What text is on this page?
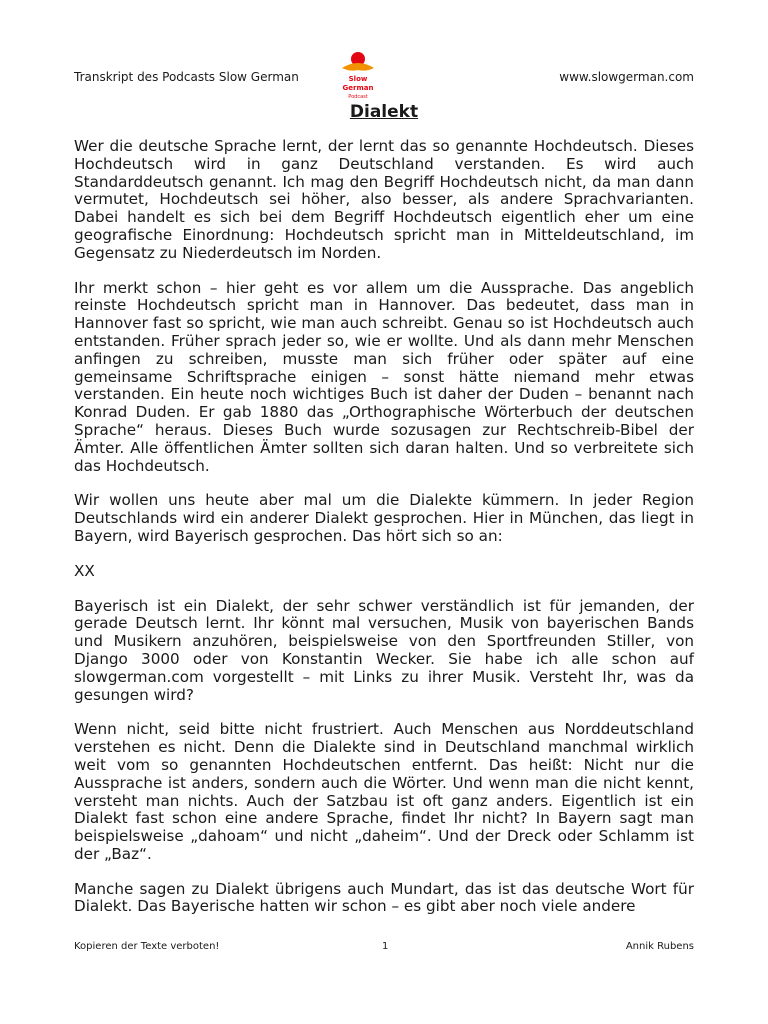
Transkript des Podcasts Slow German	Slow
German
Podcast
www.slowgerman.com
Dialekt

Wer die deutsche Sprache lernt, der lernt das so genannte Hochdeutsch. Dieses Hochdeutsch wird in ganz Deutschland verstanden. Es wird auch Standarddeutsch genannt. Ich mag den Begriff Hochdeutsch nicht, da man dann vermutet, Hochdeutsch sei höher, also besser, als andere Sprachvarianten. Dabei handelt es sich bei dem Begriff Hochdeutsch eigentlich eher um eine geografische Einordnung: Hochdeutsch spricht man in Mitteldeutschland, im Gegensatz zu Niederdeutsch im Norden.

Ihr merkt schon – hier geht es vor allem um die Aussprache. Das angeblich reinste Hochdeutsch spricht man in Hannover. Das bedeutet, dass man in Hannover fast so spricht, wie man auch schreibt. Genau so ist Hochdeutsch auch entstanden. Früher sprach jeder so, wie er wollte. Und als dann mehr Menschen anfingen zu schreiben, musste man sich früher oder später auf eine gemeinsame Schriftsprache einigen – sonst hätte niemand mehr etwas verstanden. Ein heute noch wichtiges Buch ist daher der Duden – benannt nach Konrad Duden. Er gab 1880 das „Orthographische Wörterbuch der deutschen Sprache“ heraus. Dieses Buch wurde sozusagen zur Rechtschreib-Bibel der Ämter. Alle öffentlichen Ämter sollten sich daran halten. Und so verbreitete sich das Hochdeutsch.

Wir wollen uns heute aber mal um die Dialekte kümmern. In jeder Region Deutschlands wird ein anderer Dialekt gesprochen. Hier in München, das liegt in Bayern, wird Bayerisch gesprochen. Das hört sich so an:

XX

Bayerisch ist ein Dialekt, der sehr schwer verständlich ist für jemanden, der gerade Deutsch lernt. Ihr könnt mal versuchen, Musik von bayerischen Bands und Musikern anzuhören, beispielsweise von den Sportfreunden Stiller, von Django 3000 oder von Konstantin Wecker. Sie habe ich alle schon auf slowgerman.com vorgestellt – mit Links zu ihrer Musik. Versteht Ihr, was da gesungen wird?

Wenn nicht, seid bitte nicht frustriert. Auch Menschen aus Norddeutschland verstehen es nicht. Denn die Dialekte sind in Deutschland manchmal wirklich weit vom so genannten Hochdeutschen entfernt. Das heißt: Nicht nur die Aussprache ist anders, sondern auch die Wörter. Und wenn man die nicht kennt, versteht man nichts. Auch der Satzbau ist oft ganz anders. Eigentlich ist ein Dialekt fast schon eine andere Sprache, findet Ihr nicht? In Bayern sagt man beispielsweise „dahoam“ und nicht „daheim“. Und der Dreck oder Schlamm ist der „Baz“.

Manche sagen zu Dialekt übrigens auch Mundart, das ist das deutsche Wort für Dialekt. Das Bayerische hatten wir schon – es gibt aber noch viele andere

Kopieren der Texte verboten!	1	Annik Rubens
